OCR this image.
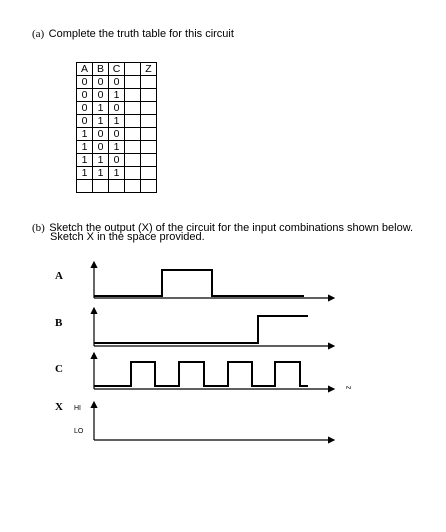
(a) Complete the truth table for this circuit
A	B	C		Z
0	0	0		
0	0	1		
0	1	0		
0	1	1		
1	0	0		
1	0	1		
1	1	0		
1	1	1		

(b) Sketch the output (X) of the circuit for the input combinations shown below.
Sketch X in the space provided.
A
B
C
X HI
LO
z
